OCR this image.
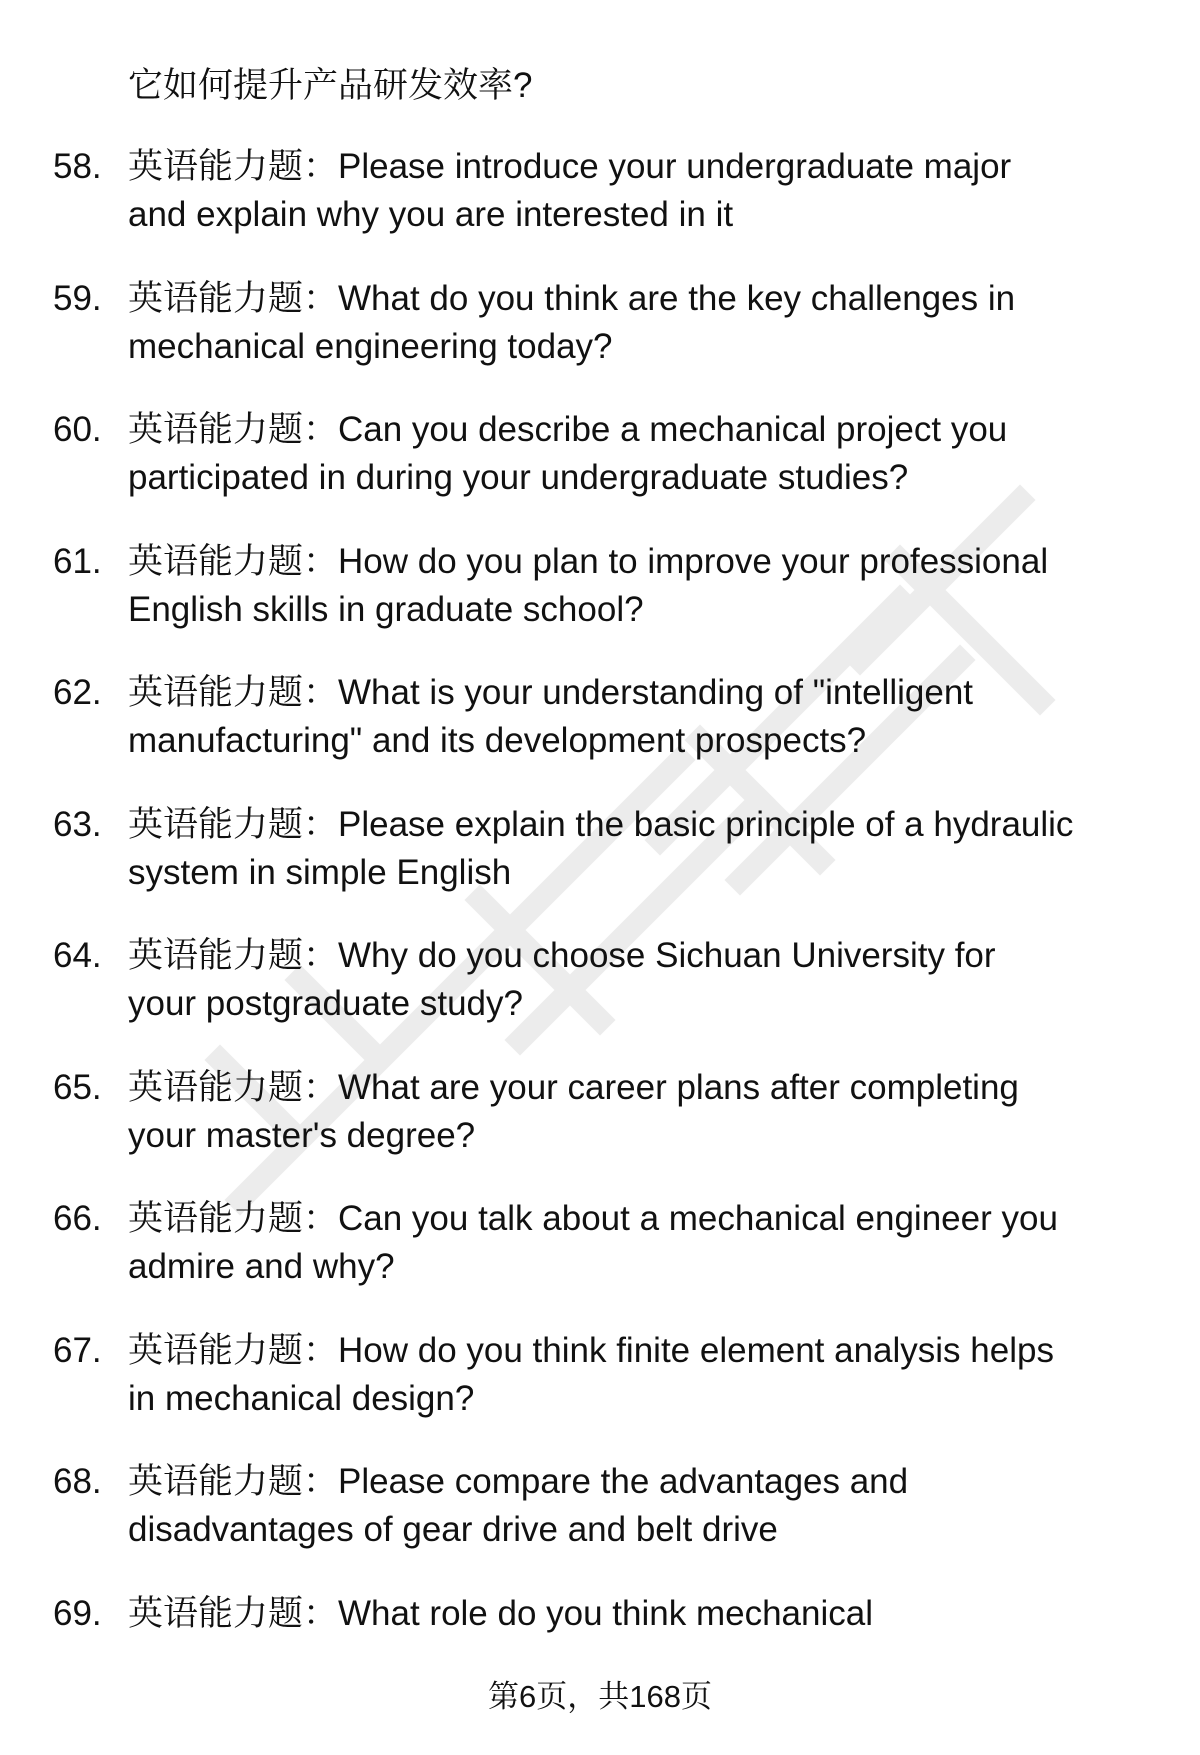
它如何提升产品研发效率?
58. 英语能力题：Please introduce your undergraduate major
and explain why you are interested in it
59. 英语能力题：What do you think are the key challenges in
mechanical engineering today?
60. 英语能力题：Can you describe a mechanical project you
participated in during your undergraduate studies?
61. 英语能力题：How do you plan to improve your professional
English skills in graduate school?
62. 英语能力题：What is your understanding of "intelligent
manufacturing" and its development prospects?
63. 英语能力题：Please explain the basic principle of a hydraulic
system in simple English
64. 英语能力题：Why do you choose Sichuan University for
your postgraduate study?
65. 英语能力题：What are your career plans after completing
your master's degree?
66. 英语能力题：Can you talk about a mechanical engineer you
admire and why?
67. 英语能力题：How do you think finite element analysis helps
in mechanical design?
68. 英语能力题：Please compare the advantages and
disadvantages of gear drive and belt drive
69. 英语能力题：What role do you think mechanical
第6页，共168页
